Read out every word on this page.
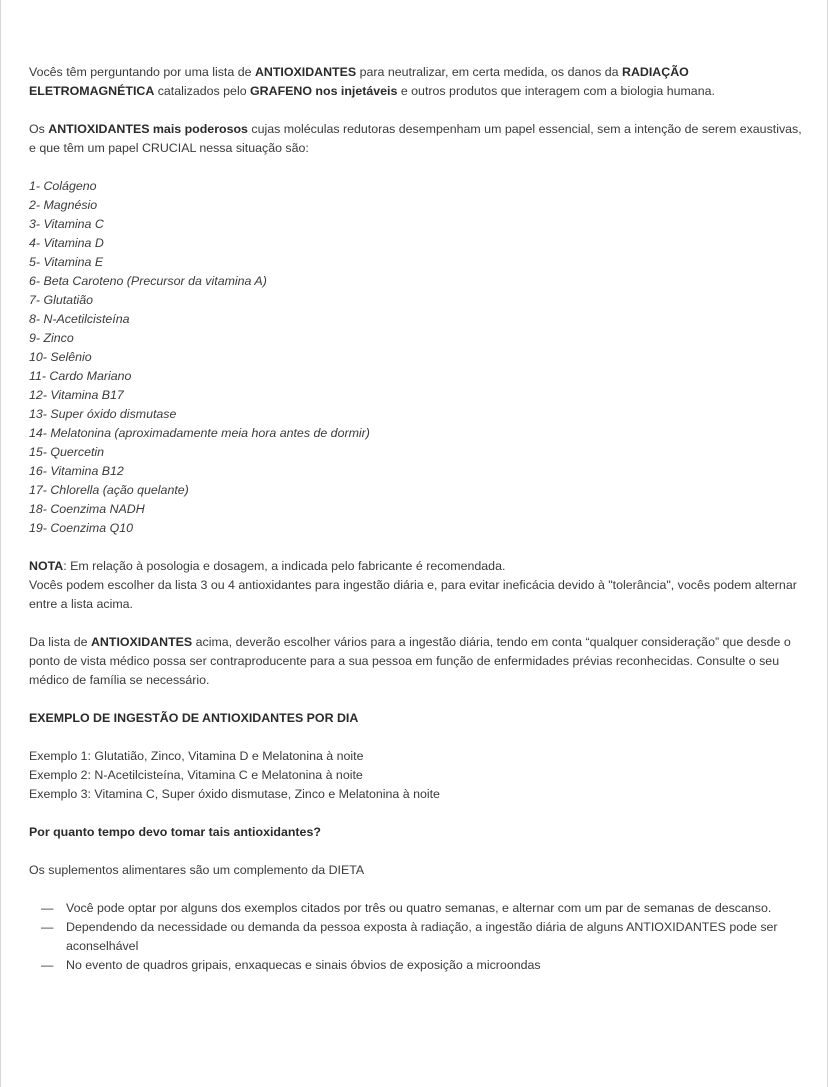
Vocês têm perguntando por uma lista de ANTIOXIDANTES para neutralizar, em certa medida, os danos da RADIAÇÃO ELETROMAGNÉTICA catalizados pelo GRAFENO nos injetáveis e outros produtos que interagem com a biologia humana.

Os ANTIOXIDANTES mais poderosos cujas moléculas redutoras desempenham um papel essencial, sem a intenção de serem exaustivas, e que têm um papel CRUCIAL nessa situação são:

1- Colágeno

2- Magnésio

3- Vitamina C

4- Vitamina D

5- Vitamina E

6- Beta Caroteno (Precursor da vitamina A)

7- Glutatião

8- N-Acetilcisteína

9- Zinco

10- Selênio

11- Cardo Mariano

12- Vitamina B17

13- Super óxido dismutase

14- Melatonina (aproximadamente meia hora antes de dormir)

15- Quercetin

16- Vitamina B12

17- Chlorella (ação quelante)

18- Coenzima NADH

19- Coenzima Q10

NOTA: Em relação à posologia e dosagem, a indicada pelo fabricante é recomendada.

Vocês podem escolher da lista 3 ou 4 antioxidantes para ingestão diária e, para evitar ineficácia devido à "tolerância", vocês podem alternar entre a lista acima.

Da lista de ANTIOXIDANTES acima, deverão escolher vários para a ingestão diária, tendo em conta “qualquer consideração” que desde o ponto de vista médico possa ser contraproducente para a sua pessoa em função de enfermidades prévias reconhecidas. Consulte o seu médico de família se necessário.

EXEMPLO DE INGESTÃO DE ANTIOXIDANTES POR DIA

Exemplo 1: Glutatião, Zinco, Vitamina D e Melatonina à noite

Exemplo 2: N-Acetilcisteína, Vitamina C e Melatonina à noite

Exemplo 3: Vitamina C, Super óxido dismutase, Zinco e Melatonina à noite

Por quanto tempo devo tomar tais antioxidantes?

Os suplementos alimentares são um complemento da DIETA

— Você pode optar por alguns dos exemplos citados por três ou quatro semanas, e alternar com um par de semanas de descanso.
— Dependendo da necessidade ou demanda da pessoa exposta à radiação, a ingestão diária de alguns ANTIOXIDANTES pode ser aconselhável
— No evento de quadros gripais, enxaquecas e sinais óbvios de exposição a microondas
